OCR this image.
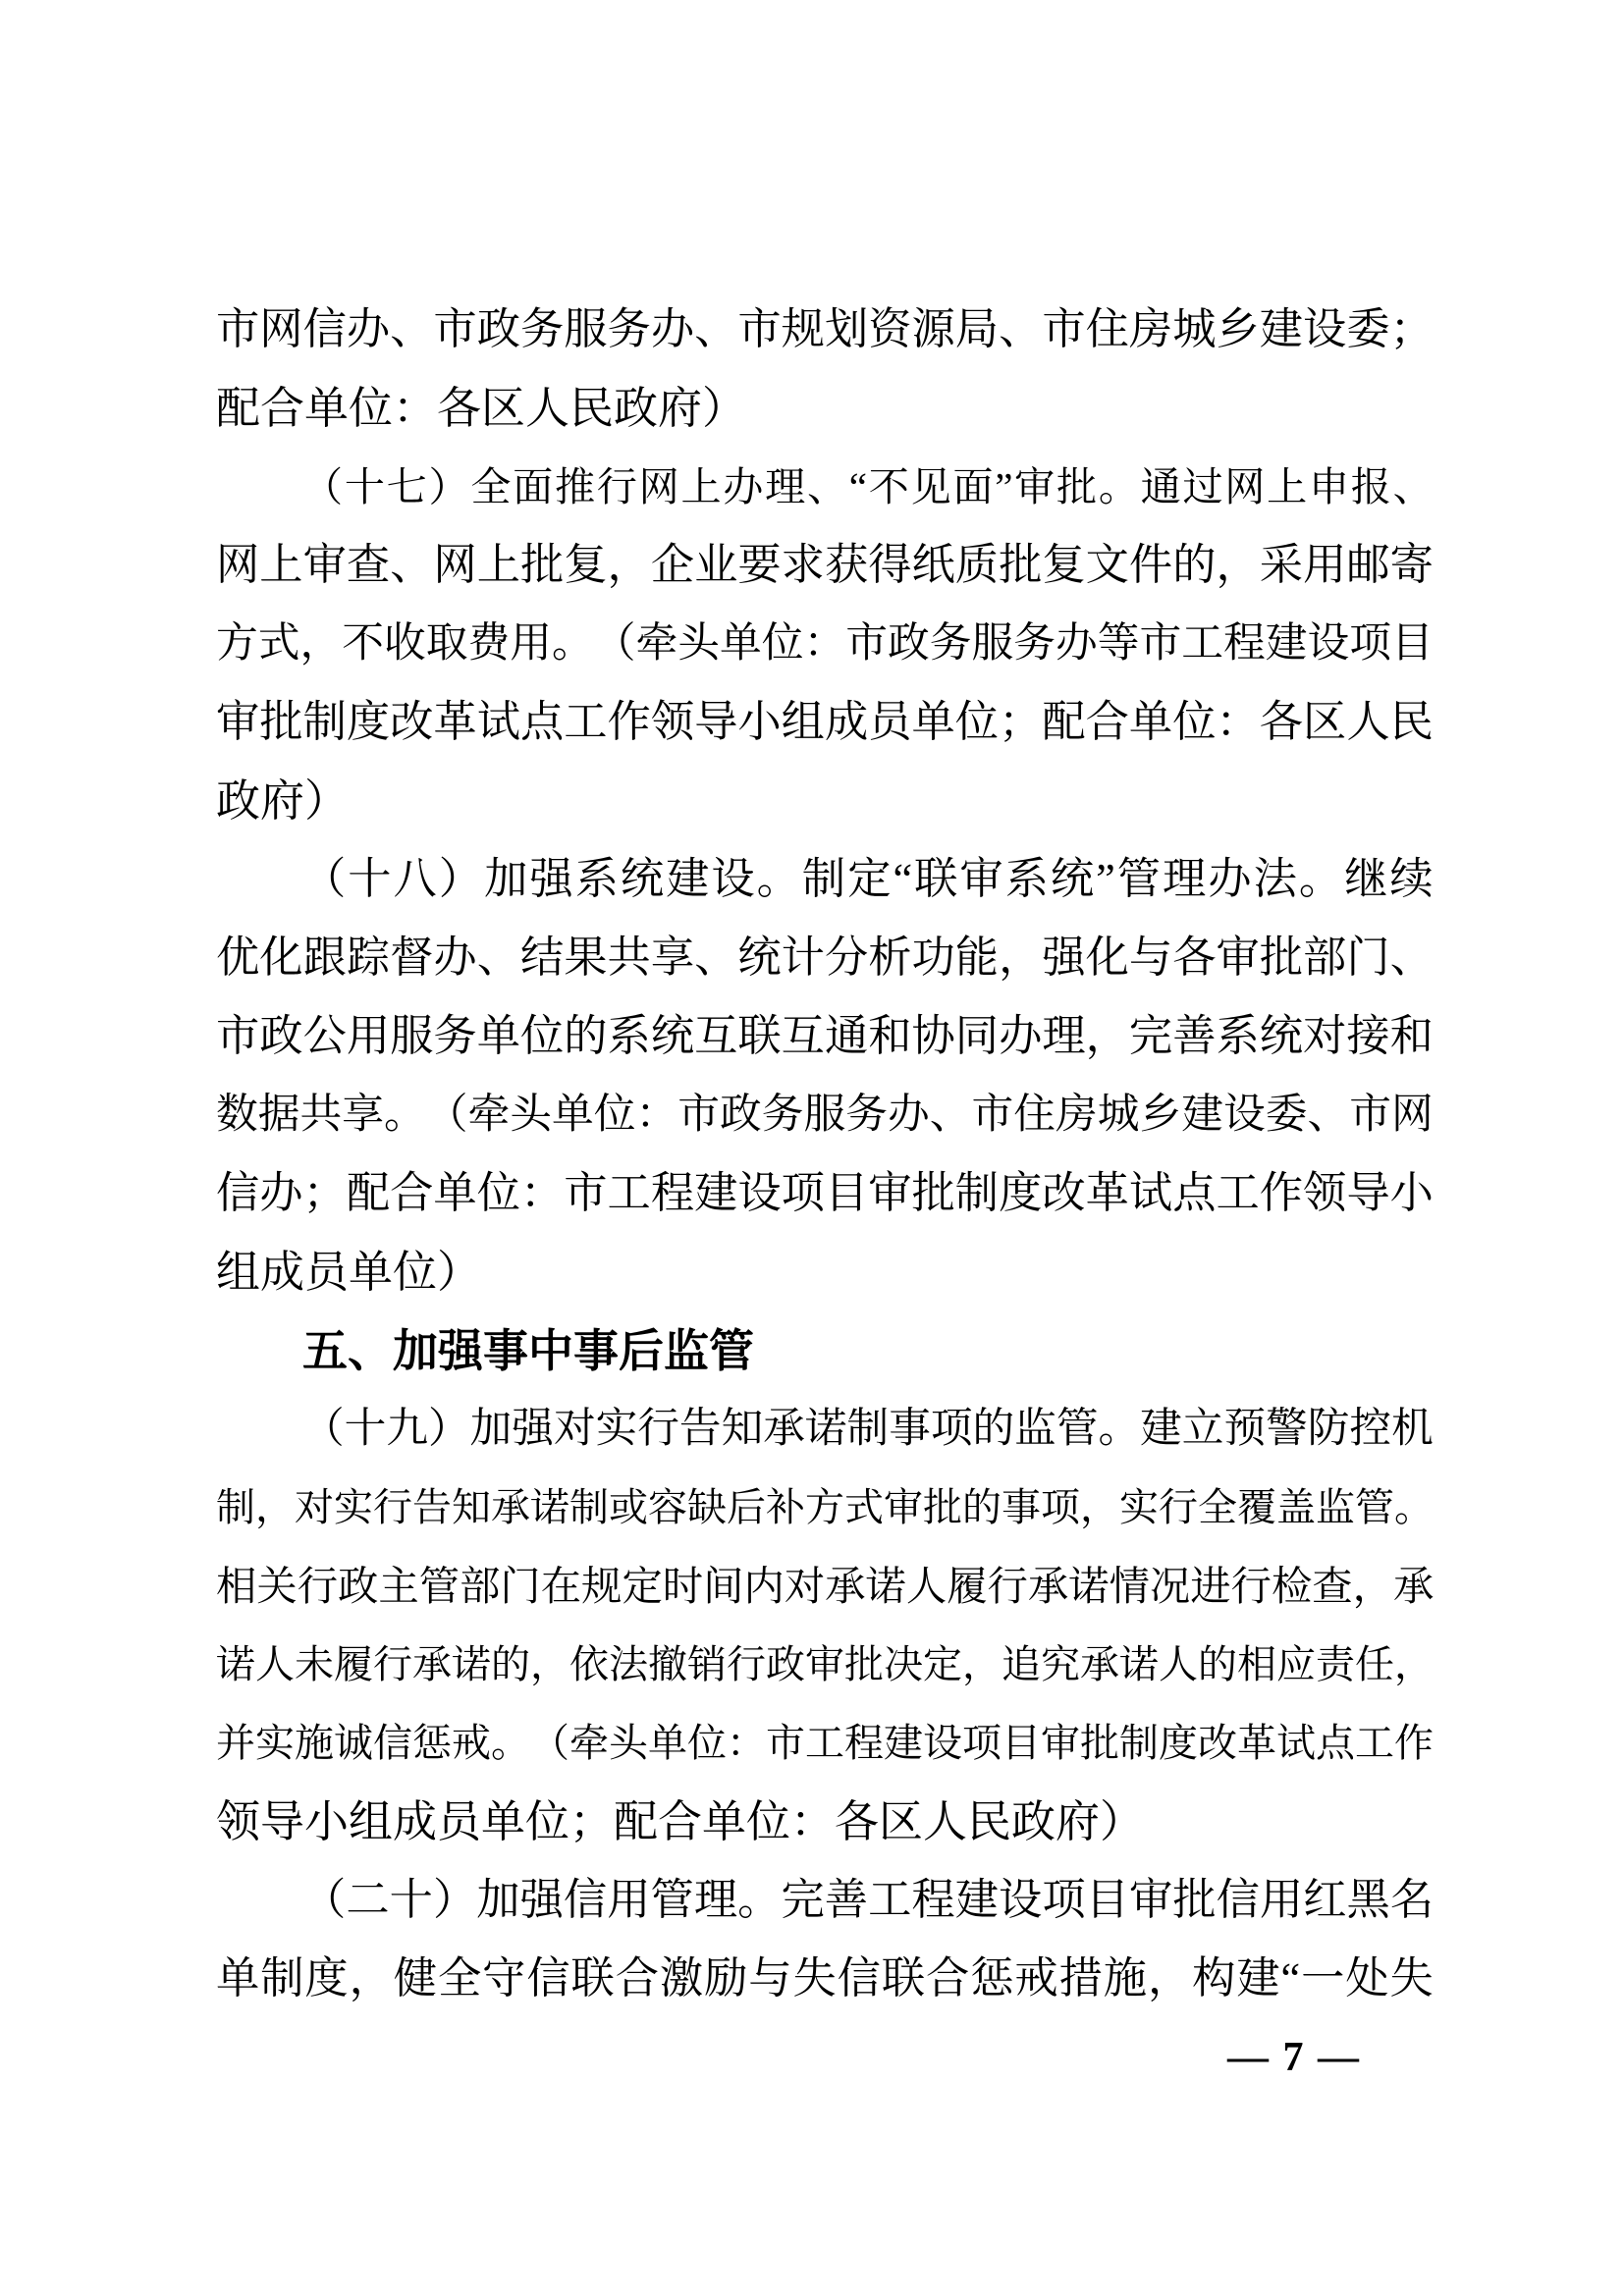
市 网 信 办 、 市 政 务 服 务 办 、 市 规 划 资 源 局 、 市 住 房 城 乡 建 设 委 ；
配合单位：各区人民政府）
（ 十 七 ） 全 面 推 行 网 上 办 理 、 “ 不 见 面 ” 审 批 。 通 过 网 上 申 报 、
网 上 审 查 、 网 上 批 复 ， 企 业 要 求 获 得 纸 质 批 复 文 件 的 ， 采 用 邮 寄
方 式 ， 不 收 取 费 用 。 （ 牵 头 单 位 ： 市 政 务 服 务 办 等 市 工 程 建 设 项 目
审 批 制 度 改 革 试 点 工 作 领 导 小 组 成 员 单 位 ； 配 合 单 位 ： 各 区 人 民
政府）
（ 十 八 ） 加 强 系 统 建 设 。 制 定 “ 联 审 系 统 ” 管 理 办 法 。 继 续
优 化 跟 踪 督 办 、 结 果 共 享 、 统 计 分 析 功 能 ， 强 化 与 各 审 批 部 门 、
市 政 公 用 服 务 单 位 的 系 统 互 联 互 通 和 协 同 办 理 ， 完 善 系 统 对 接 和
数 据 共 享 。 （ 牵 头 单 位 ： 市 政 务 服 务 办 、 市 住 房 城 乡 建 设 委 、 市 网
信 办 ； 配 合 单 位 ： 市 工 程 建 设 项 目 审 批 制 度 改 革 试 点 工 作 领 导 小
组成员单位）
五、加强事中事后监管
（ 十 九 ） 加 强 对 实 行 告 知 承 诺 制 事 项 的 监 管 。 建 立 预 警 防 控 机
制 ， 对 实 行 告 知 承 诺 制 或 容 缺 后 补 方 式 审 批 的 事 项 ， 实 行 全 覆 盖 监 管 。
相 关 行 政 主 管 部 门 在 规 定 时 间 内 对 承 诺 人 履 行 承 诺 情 况 进 行 检 查 ， 承
诺 人 未 履 行 承 诺 的 ， 依 法 撤 销 行 政 审 批 决 定 ， 追 究 承 诺 人 的 相 应 责 任 ，
并 实 施 诚 信 惩 戒 。 （ 牵 头 单 位 ： 市 工 程 建 设 项 目 审 批 制 度 改 革 试 点 工 作
领导小组成员单位；配合单位：各区人民政府）
（ 二 十 ） 加 强 信 用 管 理 。 完 善 工 程 建 设 项 目 审 批 信 用 红 黑 名
单 制 度 ， 健 全 守 信 联 合 激 励 与 失 信 联 合 惩 戒 措 施 ， 构 建 “ 一 处 失
— 7 —
